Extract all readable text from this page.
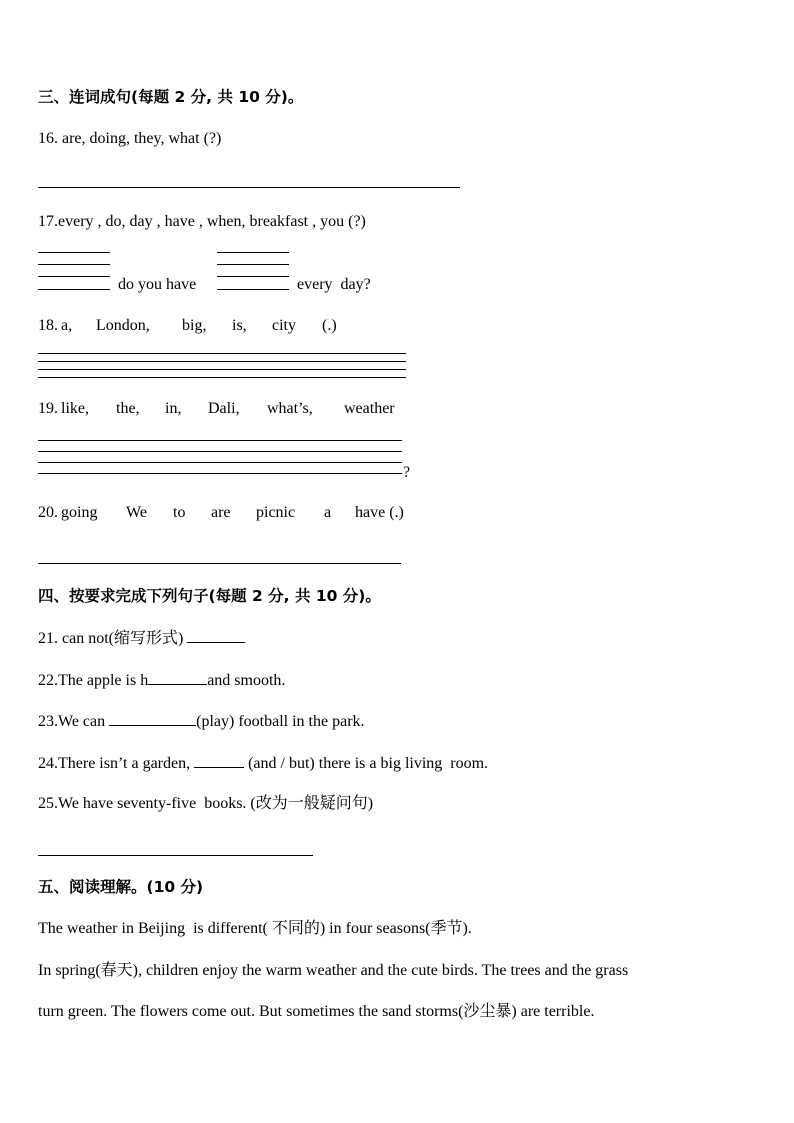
三、连词成句(每题 2 分, 共 10 分)。
16. are, doing, they, what (?)
17.every , do, day , have , when, breakfast , you (?)
do you have	every  day?
18. a, London, big, is, city (.)
19. like, the, in, Dali, what’s, weather
?
20. going We to are picnic a have (.)
四、按要求完成下列句子(每题 2 分, 共 10 分)。
21. can not(缩写形式)
22.The apple is h	and smooth.
23.We can	(play) football in the park.
24.There isn’t a garden,	(and / but) there is a big living  room.
25.We have seventy-five  books. (改为一般疑问句)
五、阅读理解。(10 分)
The weather in Beijing  is different( 不同的) in four seasons(季节).
In spring(春天), children enjoy the warm weather and the cute birds. The trees and the grass
turn green. The flowers come out. But sometimes the sand storms(沙尘暴) are terrible.
